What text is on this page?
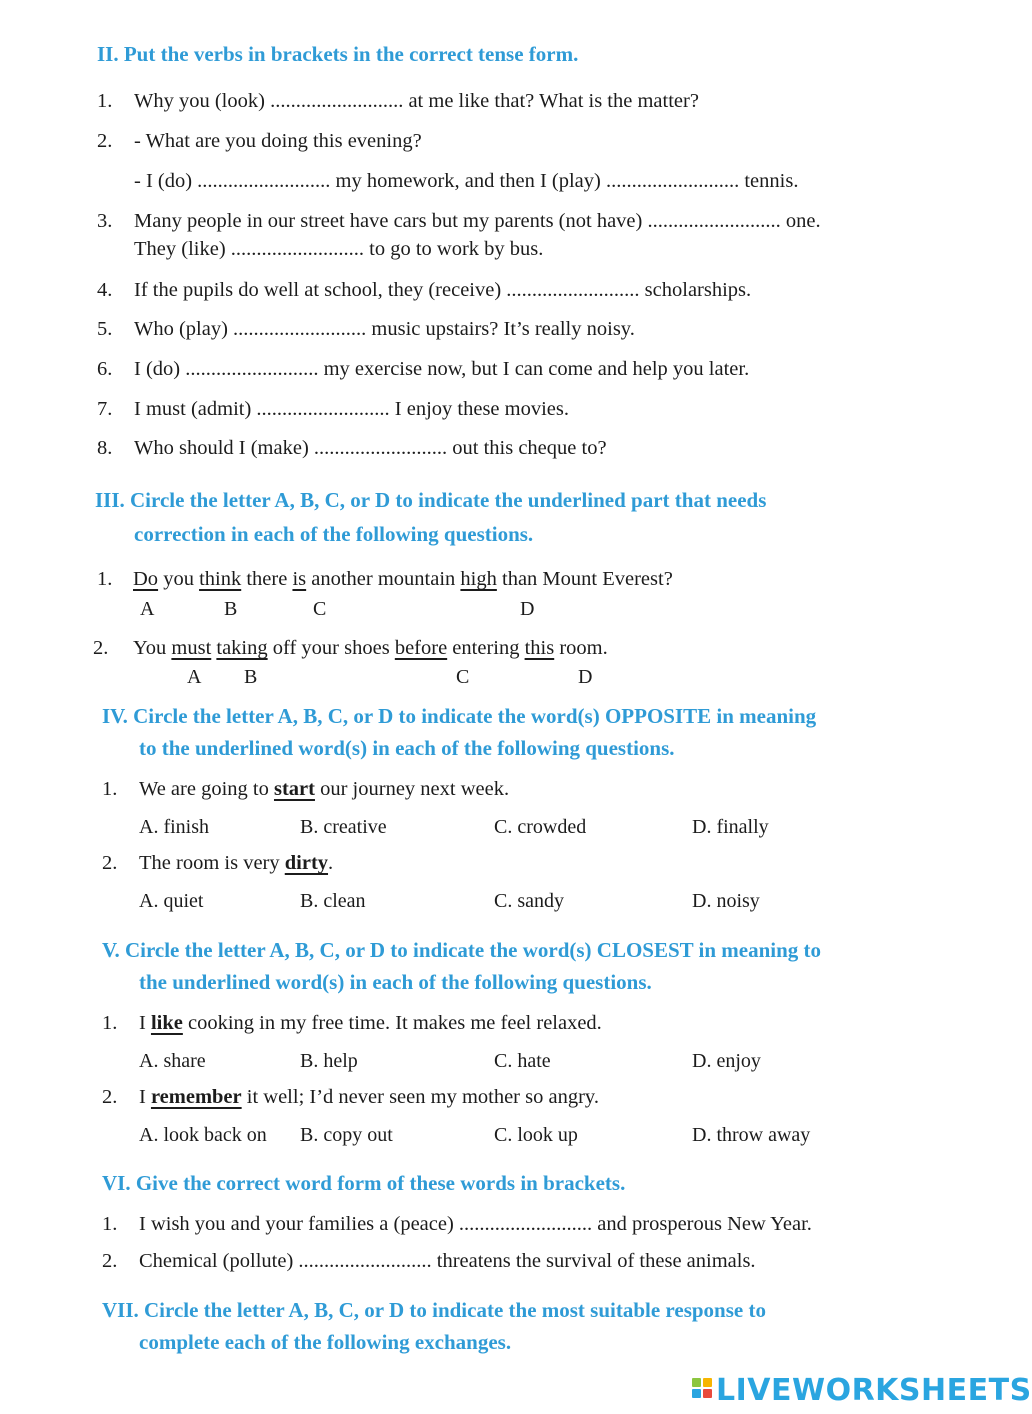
II. Put the verbs in brackets in the correct tense form.
1. Why you (look) .......................... at me like that? What is the matter?
2. - What are you doing this evening?
- I (do) .......................... my homework, and then I (play) .......................... tennis.
3. Many people in our street have cars but my parents (not have) .......................... one.
They (like) .......................... to go to work by bus.
4. If the pupils do well at school, they (receive) .......................... scholarships.
5. Who (play) .......................... music upstairs? It’s really noisy.
6. I (do) .......................... my exercise now, but I can come and help you later.
7. I must (admit) .......................... I enjoy these movies.
8. Who should I (make) .......................... out this cheque to?
III. Circle the letter A, B, C, or D to indicate the underlined part that needs
correction in each of the following questions.
1. Do you think there is another mountain high than Mount Everest?
A	B	C	D
2. You must taking off your shoes before entering this room.
A B	C	D
IV. Circle the letter A, B, C, or D to indicate the word(s) OPPOSITE in meaning
to the underlined word(s) in each of the following questions.
1. We are going to start our journey next week.
A. finish	B. creative	C. crowded	D. finally
2. The room is very dirty.
A. quiet	B. clean	C. sandy	D. noisy
V. Circle the letter A, B, C, or D to indicate the word(s) CLOSEST in meaning to
the underlined word(s) in each of the following questions.
1. I like cooking in my free time. It makes me feel relaxed.
A. share	B. help	C. hate	D. enjoy
2. I remember it well; I’d never seen my mother so angry.
A. look back on B. copy out	C. look up	D. throw away
VI. Give the correct word form of these words in brackets.
1. I wish you and your families a (peace) .......................... and prosperous New Year.
2. Chemical (pollute) .......................... threatens the survival of these animals.
VII. Circle the letter A, B, C, or D to indicate the most suitable response to
complete each of the following exchanges.
LIVEWORKSHEETS
